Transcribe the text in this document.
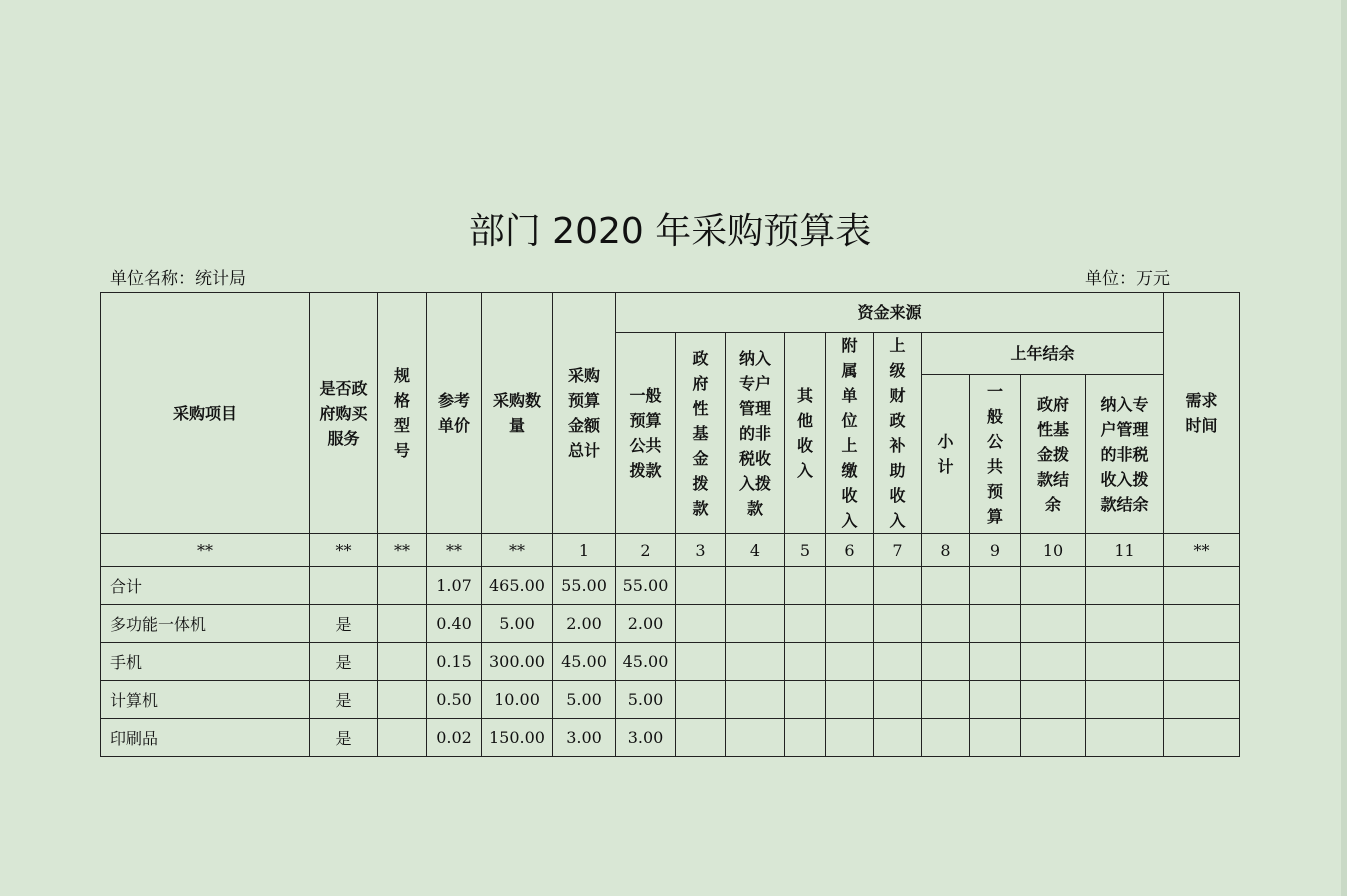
部门 2020 年采购预算表
单位名称：统计局	单位：万元
采购项目	是否政府购买服务	规格型号	参考单价	采购数量	采购预算金额总计	资金来源										需求时间
						一般预算公共拨款	政府性基金拨款	纳入专户管理的非税收入拨款	其他收入	附属单位上缴收入	上级财政补助收入	上年结余				
												小计	一般公共预算	政府性基金拨款结余	纳入专户管理的非税收入拨款结余	
**	**	**	**	**	1	2	3	4	5	6	7	8	9	10	11	**
合计			1.07	465.00	55.00	55.00										
多功能一体机	是		0.40	5.00	2.00	2.00										
手机	是		0.15	300.00	45.00	45.00										
计算机	是		0.50	10.00	5.00	5.00										
印刷品	是		0.02	150.00	3.00	3.00										
